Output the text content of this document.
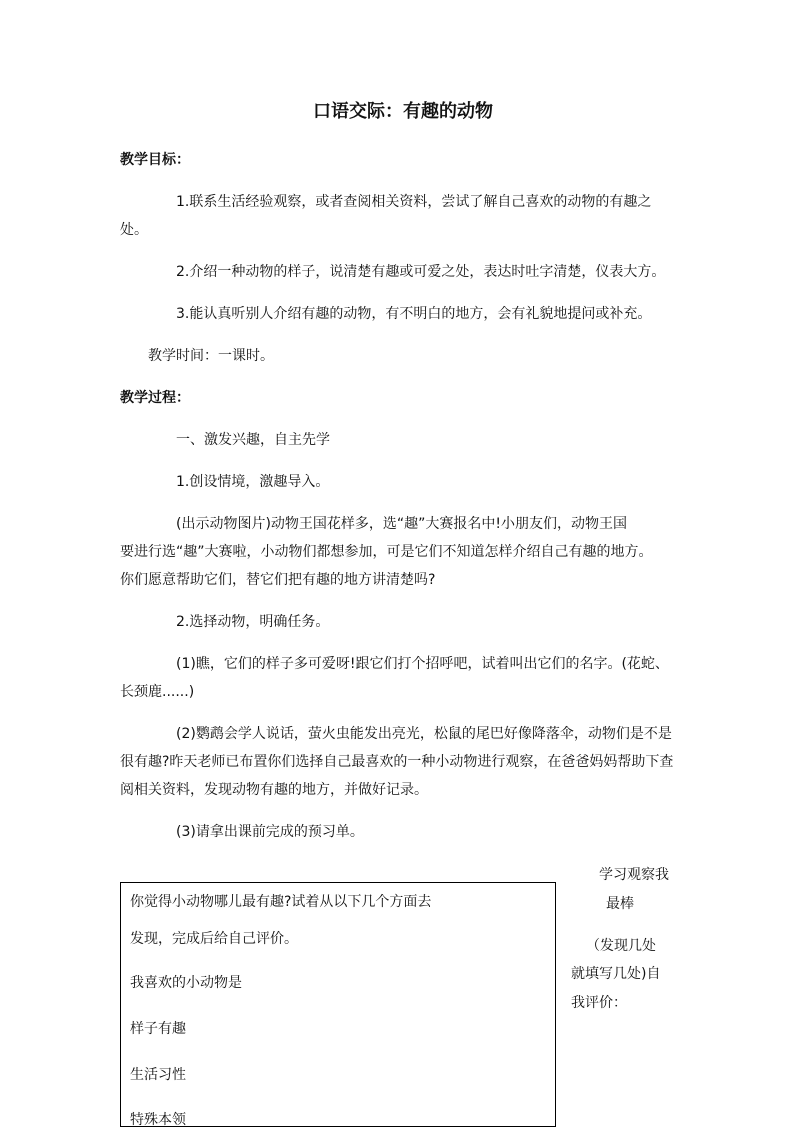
口语交际：有趣的动物
教学目标：
1.联系生活经验观察，或者查阅相关资料，尝试了解自己喜欢的动物的有趣之
处。
2.介绍一种动物的样子，说清楚有趣或可爱之处，表达时吐字清楚，仪表大方。
3.能认真听别人介绍有趣的动物，有不明白的地方，会有礼貌地提问或补充。
教学时间：一课时。
教学过程：
一、激发兴趣，自主先学
1.创设情境，激趣导入。
(出示动物图片)动物王国花样多，选“趣”大赛报名中!小朋友们，动物王国
要进行选“趣”大赛啦，小动物们都想参加，可是它们不知道怎样介绍自己有趣的地方。
你们愿意帮助它们，替它们把有趣的地方讲清楚吗?
2.选择动物，明确任务。
(1)瞧，它们的样子多可爱呀!跟它们打个招呼吧，试着叫出它们的名字。(花蛇、
长颈鹿......)
(2)鹦鹉会学人说话，萤火虫能发出亮光，松鼠的尾巴好像降落伞，动物们是不是
很有趣?昨天老师已布置你们选择自己最喜欢的一种小动物进行观察，在爸爸妈妈帮助下查
阅相关资料，发现动物有趣的地方，并做好记录。
(3)请拿出课前完成的预习单。
你觉得小动物哪儿最有趣?试着从以下几个方面去
发现，完成后给自己评价。
我喜欢的小动物是
样子有趣
生活习性
特殊本领
学习观察我
最棒
（发现几处
就填写几处)自
我评价：
